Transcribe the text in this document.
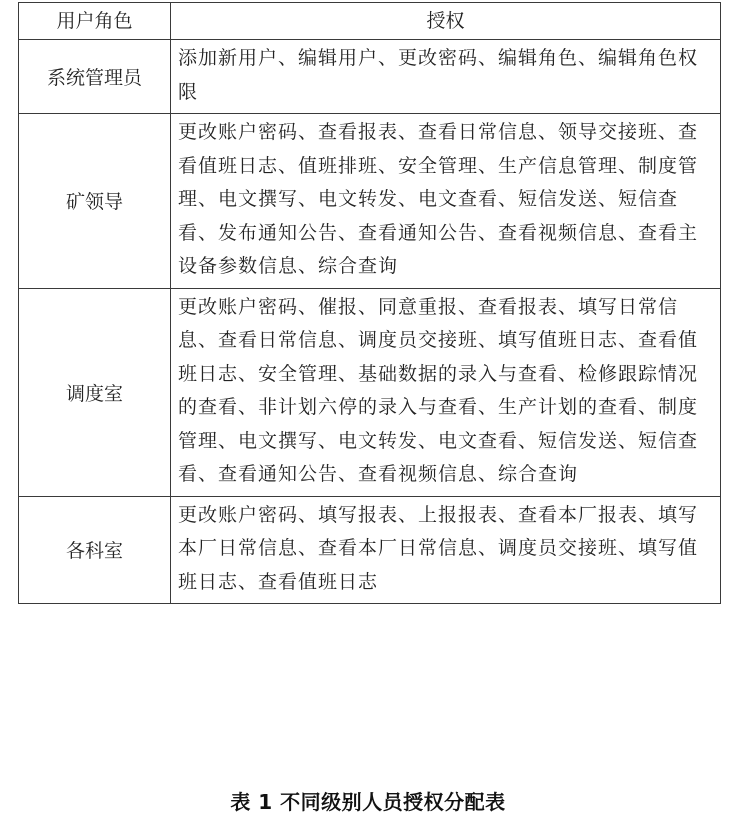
用户角色	授权
系统管理员	添加新用户、编辑用户、更改密码、编辑角色、编辑角色权限
矿领导	更改账户密码、查看报表、查看日常信息、领导交接班、查看值班日志、值班排班、安全管理、生产信息管理、制度管理、电文撰写、电文转发、电文查看、短信发送、短信查看、发布通知公告、查看通知公告、查看视频信息、查看主设备参数信息、综合查询
调度室	更改账户密码、催报、同意重报、查看报表、填写日常信息、查看日常信息、调度员交接班、填写值班日志、查看值班日志、安全管理、基础数据的录入与查看、检修跟踪情况的查看、非计划六停的录入与查看、生产计划的查看、制度管理、电文撰写、电文转发、电文查看、短信发送、短信查看、查看通知公告、查看视频信息、综合查询
各科室	更改账户密码、填写报表、上报报表、查看本厂报表、填写本厂日常信息、查看本厂日常信息、调度员交接班、填写值班日志、查看值班日志
表 1 不同级别人员授权分配表
